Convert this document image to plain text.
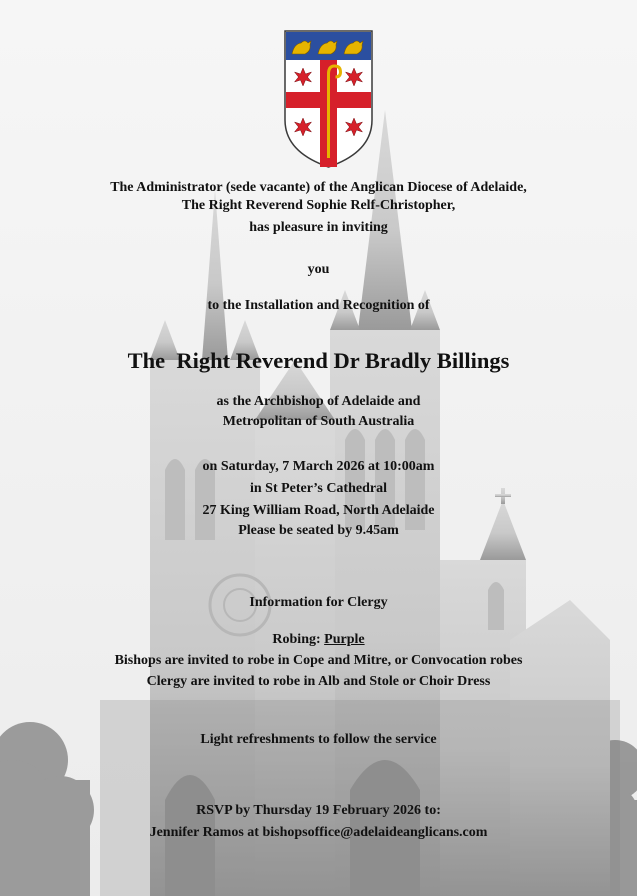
The Administrator (sede vacante) of the Anglican Diocese of Adelaide,
The Right Reverend Sophie Relf-Christopher,
has pleasure in inviting
you
to the Installation and Recognition of
The  Right Reverend Dr Bradly Billings
as the Archbishop of Adelaide and
Metropolitan of South Australia
on Saturday, 7 March 2026 at 10:00am
in St Peter’s Cathedral
27 King William Road, North Adelaide
Please be seated by 9.45am
Information for Clergy
Robing: Purple
Bishops are invited to robe in Cope and Mitre, or Convocation robes
Clergy are invited to robe in Alb and Stole or Choir Dress
Light refreshments to follow the service
RSVP by Thursday 19 February 2026 to:
Jennifer Ramos at bishopsoffice@adelaideanglicans.com
